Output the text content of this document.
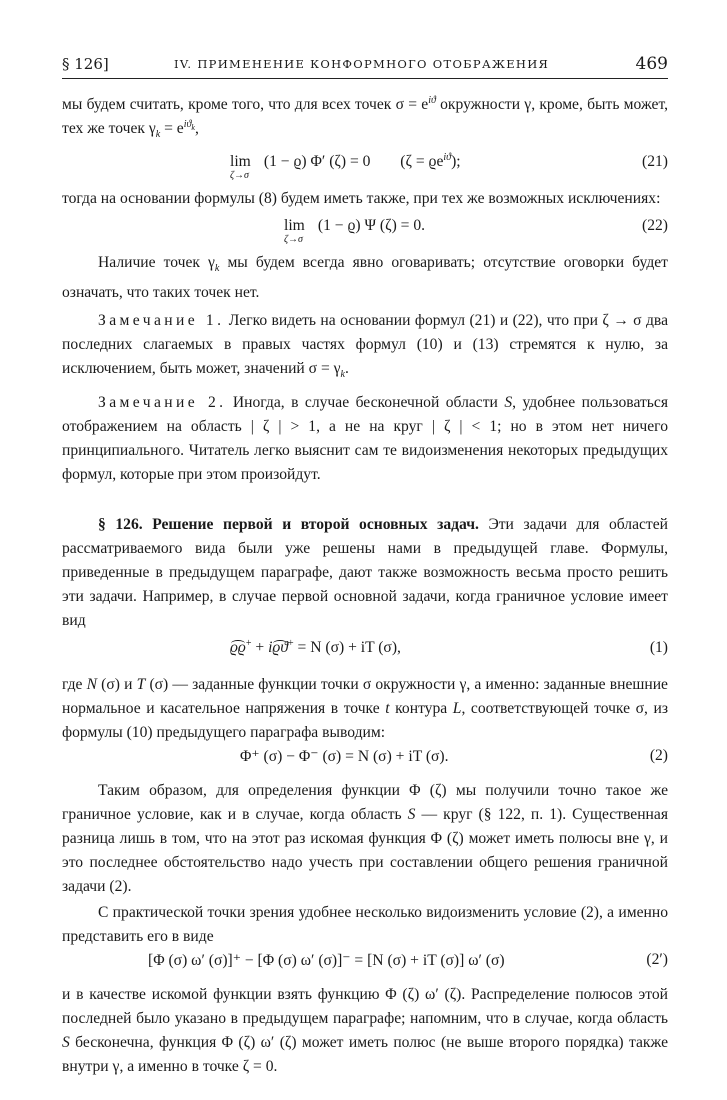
§ 126]	IV. ПРИМЕНЕНИЕ КОНФОРМНОГО ОТОБРАЖЕНИЯ	469

мы будем считать, кроме того, что для всех точек $\sigma = e^{iϑ}$ окружности γ, кроме, быть может, тех же точек $\gamma_k = e^{iϑ_k}$,

lim
ζ→σ
(1 − ϱ) Φ′ (ζ) = 0 $(\zeta = ϱe^{iϑ})$;	(21)

тогда на основании формулы (8) будем иметь также, при тех же возможных исключениях:

lim
ζ→σ
(1 − ϱ) Ψ (ζ) = 0.	(22)

Наличие точек $\gamma_k$ мы будем всегда явно оговаривать; отсутствие оговорки будет означать, что таких точек нет.

Замечание 1. Легко видеть на основании формул (21) и (22), что при ζ → σ два последних слагаемых в правых частях формул (10) и (13) стремятся к нулю, за исключением, быть может, значений $\sigma = \gamma_k$.

Замечание 2. Иногда, в случае бесконечной области S, удобнее пользоваться отображением на область | ζ | > 1, а не на круг | ζ | < 1; но в этом нет ничего принципиального. Читатель легко выяснит сам те видоизменения некоторых предыдущих формул, которые при этом произойдут.

§ 126. Решение первой и второй основных задач. Эти задачи для областей рассматриваемого вида были уже решены нами в предыдущей главе. Формулы, приведенные в предыдущем параграфе, дают также возможность весьма просто решить эти задачи. Например, в случае первой основной задачи, когда граничное условие имеет вид

ϱϱ+ + iϱϑ+ = N (σ) + iT (σ),	(1)

где N (σ) и T (σ) — заданные функции точки σ окружности γ, а именно: заданные внешние нормальное и касательное напряжения в точке t контура L, соответствующей точке σ, из формулы (10) предыдущего параграфа выводим:

Φ⁺ (σ) − Φ⁻ (σ) = N (σ) + iT (σ).	(2)

Таким образом, для определения функции Φ (ζ) мы получили точно такое же граничное условие, как и в случае, когда область S — круг (§ 122, п. 1). Существенная разница лишь в том, что на этот раз искомая функция Φ (ζ) может иметь полюсы вне γ, и это последнее обстоятельство надо учесть при составлении общего решения граничной задачи (2).

С практической точки зрения удобнее несколько видоизменить условие (2), а именно представить его в виде

[Φ (σ) ω′ (σ)]⁺ − [Φ (σ) ω′ (σ)]⁻ = [N (σ) + iT (σ)] ω′ (σ)	(2′)

и в качестве искомой функции взять функцию Φ (ζ) ω′ (ζ). Распределение полюсов этой последней было указано в предыдущем параграфе; напомним, что в случае, когда область S бесконечна, функция Φ (ζ) ω′ (ζ) может иметь полюс (не выше второго порядка) также внутри γ, а именно в точке ζ = 0.
